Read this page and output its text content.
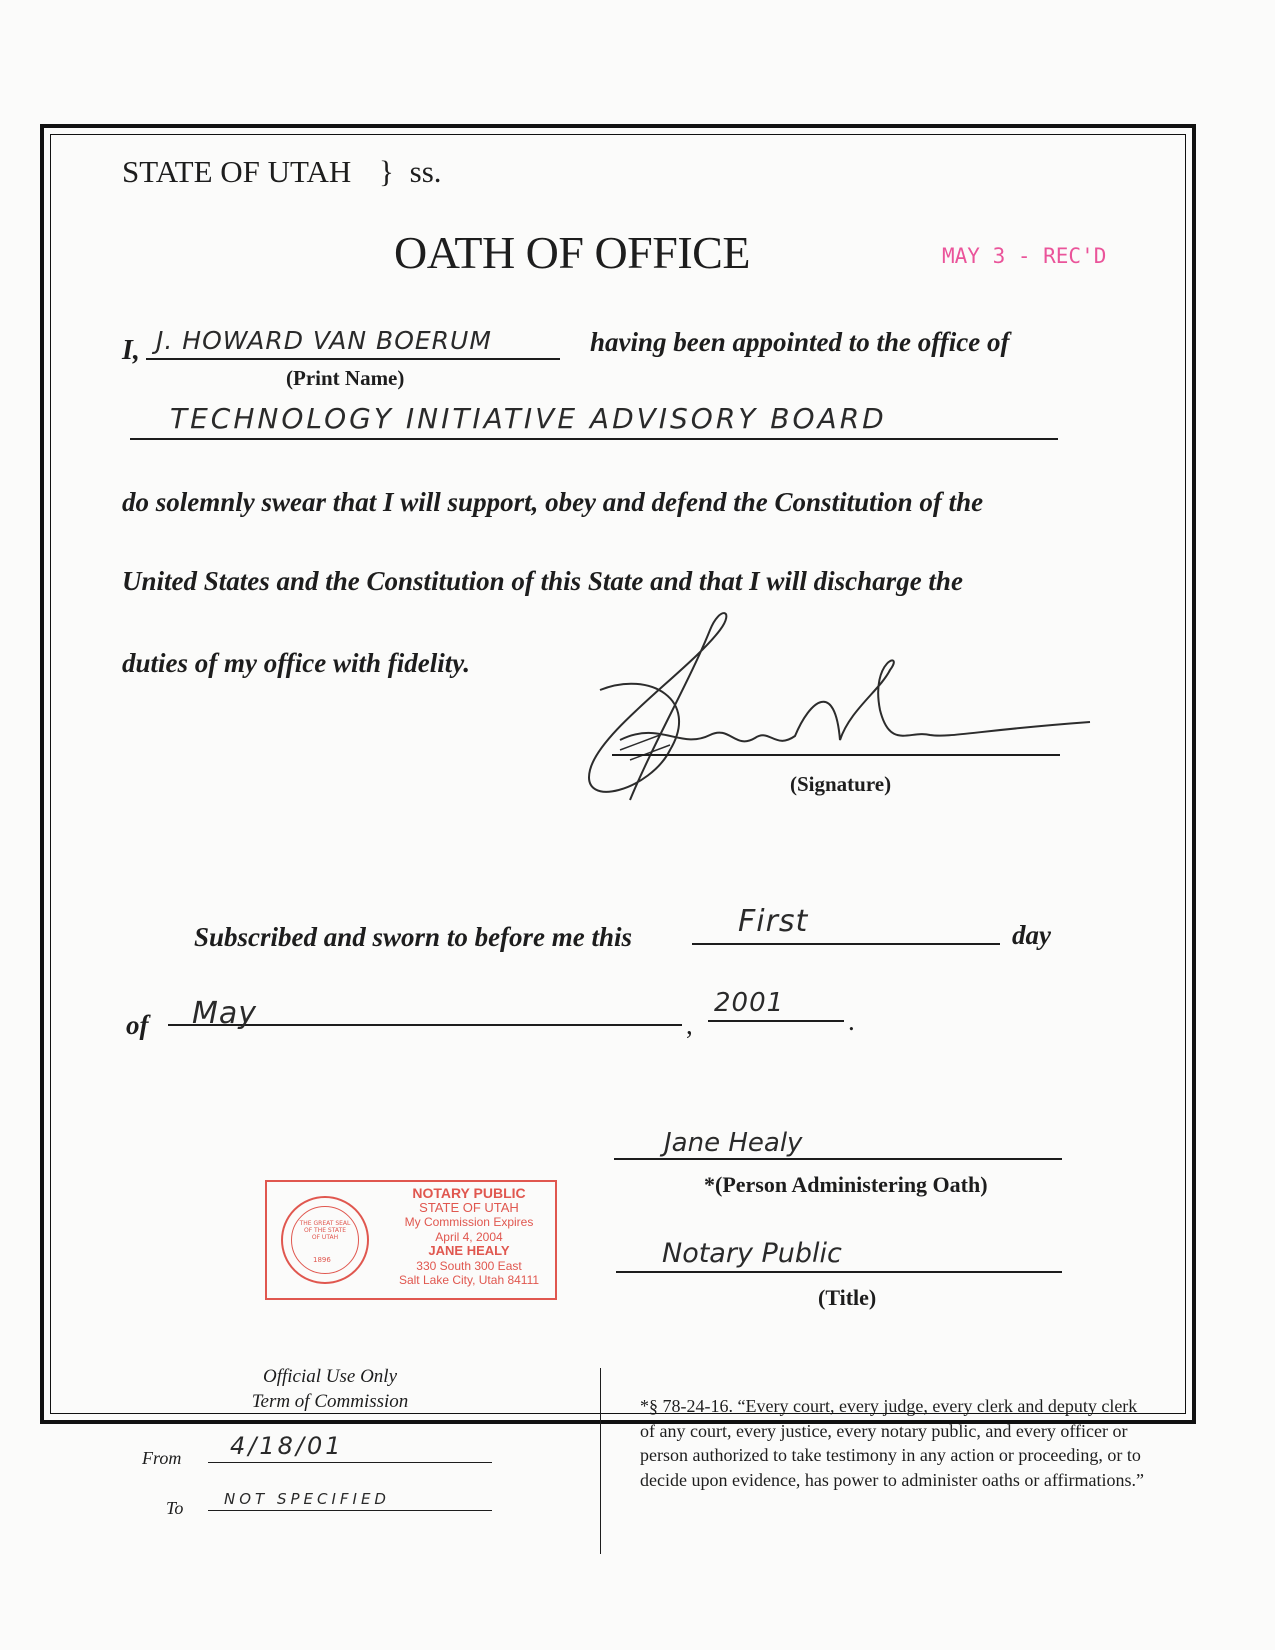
STATE OF UTAH } ss.
OATH OF OFFICE	MAY 3 - REC'D
I, J. HOWARD VAN BOERUM
(Print Name)
having been appointed to the office of
TECHNOLOGY INITIATIVE ADVISORY BOARD
do solemnly swear that I will support, obey and defend the Constitution of the
United States and the Constitution of this State and that I will discharge the
duties of my office with fidelity.
(Signature)
Subscribed and sworn to before me this	First	day
of May	,
2001
.
Jane Healy
*(Person Administering Oath)
Notary Public
(Title)
1896
THE GREAT SEAL OF THE STATE OF UTAH
NOTARY PUBLIC
STATE OF UTAH
My Commission Expires
April 4, 2004
JANE HEALY
330 South 300 East
Salt Lake City, Utah 84111
Official Use Only
Term of Commission
From 4/18/01
To	NOT SPECIFIED
*§ 78-24-16. “Every court, every judge, every clerk and deputy clerk of any court, every justice, every notary public, and every officer or person authorized to take testimony in any action or proceeding, or to decide upon evidence, has power to administer oaths or affirmations.”
